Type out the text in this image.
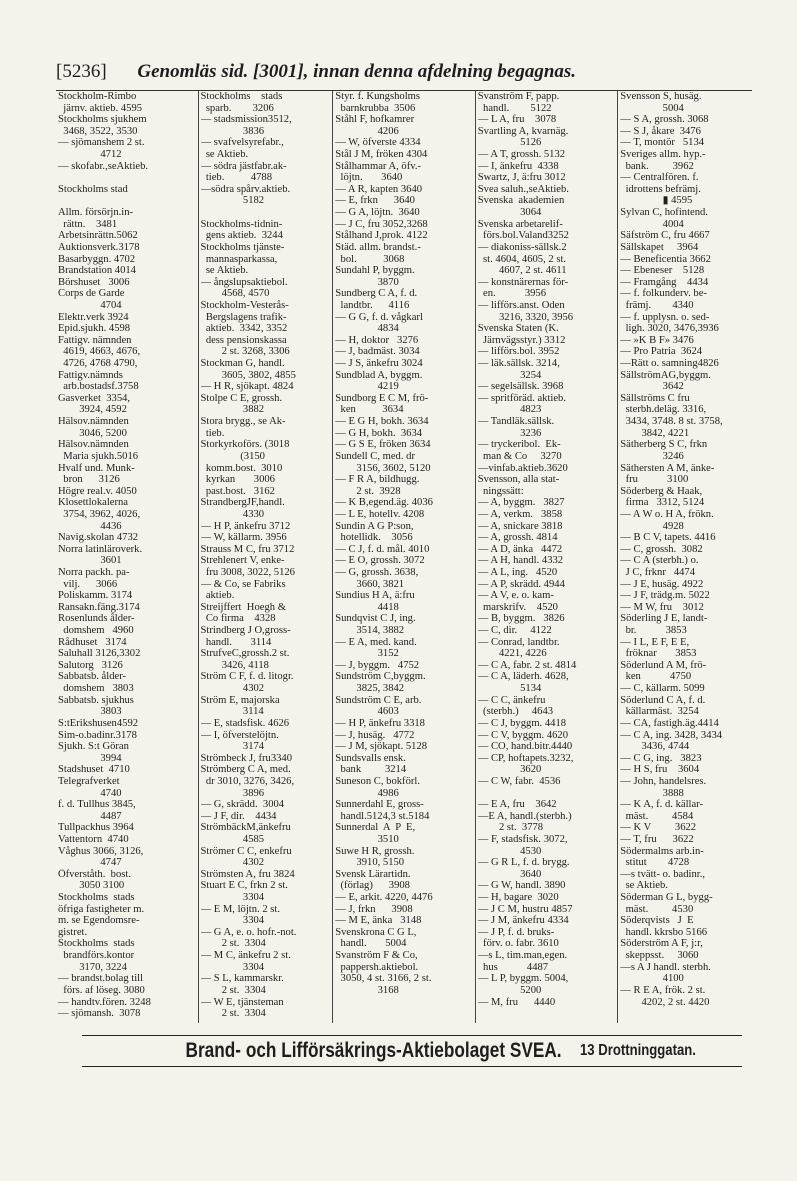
[5236] Genomläs sid. [3001], innan denna afdelning begagnas.
Stockholm-Rimbo
järnv. aktieb. 4595
Stockholms sjukhem
3468, 3522, 3530
— sjömanshem 2 st.
4712
— skofabr.,seAktieb.
Stockholms stad
Allm. försörjn.in-
rättn.    3481
Arbetsinrättn.5062
Auktionsverk.3178
Basarbyggn. 4702
Brandstation 4014
Börshuset   3006
Corps de Garde
4704
Elektr.verk 3924
Epid.sjukh. 4598
Fattigv. nämnden
4619, 4663, 4676,
4726, 4768 4790,
Fattigv.nämnds
arb.bostadsf.3758
Gasverket  3354,
3924, 4592
Hälsov.nämnden
3046, 5200
Hälsov.nämnden
Maria sjukh.5016
Hvalf und. Munk-
bron      3126
Högre real.v. 4050
Klosettlokalerna
3754, 3962, 4026,
4436
Navig.skolan 4732
Norra latinläroverk.
3601
Norra packh. pa-
vilj.      3066
Poliskamm. 3174
Ransakn.fäng.3174
Rosenlunds ålder-
domshem   4960
Rådhuset   3174
Saluhall 3126,3302
Salutorg   3126
Sabbatsb. ålder-
domshem   3803
Sabbatsb. sjukhus
3803
S:tErikshusen4592
Sim-o.badinr.3178
Sjukh. S:t Göran
3994
Stadshuset  4710
Telegrafverket
4740
f. d. Tullhus 3845,
4487
Tullpackhus 3964
Vattentorn  4740
Våghus 3066, 3126,
4747
Öfverståth.  bost.
3050 3100
Stockholms  stads
öfriga fastigheter m.
m. se Egendomsre-
gistret.
Stockholms  stads
brandförs.kontor
3170, 3224
— brandst.bolag till
förs. af löseg. 3080
— handtv.fören. 3248
— sjömansh.  3078
Stockholms    stads
sparb.        3206
— stadsmission3512,
3836
— svafvelsyrefabr.,
se Aktieb.
— södra jästfabr.ak-
tieb.          4788
—södra spårv.aktieb.
5182
Stockholms-tidnin-
gens aktieb.  3244
Stockholms tjänste-
mannasparkassa,
se Aktieb.
— ångslupsaktiebol.
4568, 4570
Stockholm-Vesterås-
Bergslagens trafik-
aktieb.  3342, 3352
dess pensionskassa
2 st. 3268, 3306
Stockman G, handl.
3605, 3802, 4855
— H R, sjökapt. 4824
Stolpe C E, grossh.
3882
Stora brygg., se Ak-
tieb.
Storkyrkoförs. (3018
(3150
komm.bost.  3010
kyrkan       3006
past.bost.   3162
StrandbergJF,handl.
4330
— H P, änkefru 3712
— W, källarm. 3956
Strauss M C, fru 3712
Strehlenert V, enke-
fru 3008, 3022, 5126
— & Co, se Fabriks
aktieb.
Streijffert  Hoegh &
Co firma    4328
Strindberg J O,gross-
handl.       3114
StrufveC,grossh.2 st.
3426, 4118
Ström C F, f. d. litogr.
4302
Ström E, majorska
3114
— E, stadsfisk. 4626
— I, öfverstelöjtn.
3174
Strömbeck J, fru3340
Strömberg C A, med.
dr 3010, 3276, 3426,
3896
— G, skrädd.  3004
— J F, dir.    4434
StrömbäckM,änkefru
4585
Strömer C C, enkefru
4302
Strömsten A, fru 3824
Stuart E C, frkn 2 st.
3304
— E M, löjtn. 2 st.
3304
— G A, e. o. hofr.-not.
2 st.  3304
— M C, änkefru 2 st.
3304
— S L, kammarskr.
2 st.  3304
— W E, tjänsteman
2 st.  3304
Styr. f. Kungsholms
barnkrubba  3506
Ståhl F, hofkamrer
4206
— W, öfverste 4334
Stål J M, fröken 4304
Stålhammar A, öfv.-
löjtn.       3640
— A R, kapten 3640
— E, frkn      3640
— G A, löjtn.  3640
— J C, fru 3052,3268
Stålhand J,prok. 4122
Städ. allm. brandst.-
bol.          3068
Sundahl P, byggm.
3870
Sundberg C A, f. d.
landtbr.      4116
— G G, f. d. vågkarl
4834
— H, doktor   3276
— J, badmäst. 3034
— J S, änkefru 3024
Sundblad A, byggm.
4219
Sundborg E C M, frö-
ken          3634
— E G H, bokh. 3634
— G H, bokh.  3634
— G S E, fröken 3634
Sundell C, med. dr
3156, 3602, 5120
— F R A, bildhugg.
2 st.  3928
— K B,egend.äg. 4036
— L E, hotellv. 4208
Sundin A G P:son,
hotellidk.    3056
— C J, f. d. mål. 4010
— E O, grossh. 3072
— G, grossh. 3638,
3660, 3821
Sundius H A, ä:fru
4418
Sundqvist C J, ing.
3514, 3882
— E A, med. kand.
3152
— J, byggm.   4752
Sundström C,byggm.
3825, 3842
Sundström C E, arb.
4603
— H P, änkefru 3318
— J, husäg.   4772
— J M, sjökapt. 5128
Sundsvalls ensk.
bank         3214
Suneson C, bokförl.
4986
Sunnerdahl E, gross-
handl.5124,3 st.5184
Sunnerdal  A  P  E,
3510
Suwe H R, grossh.
3910, 5150
Svensk Lärartidn.
(förlag)      3908
— E, arkit. 4220, 4476
— J, frkn      3908
— M E, änka   3148
Svenskrona C G L,
handl.       5004
Svanström F & Co,
pappersh.aktiebol.
3050, 4 st. 3166, 2 st.
3168
Svanström F, papp.
handl.        5122
— L A, fru    3078
Svartling A, kvarnäg.
5126
— A T, grossh. 5132
— I, änkefru  4338
Swartz, J, ä:fru 3012
Svea saluh.,seAktieb.
Svenska  akademien
3064
Svenska arbetarelif-
förs.bol.Valand3252
— diakoniss-sällsk.2
st. 4604, 4605, 2 st.
4607, 2 st. 4611
— konstnärernas för-
en.           3956
— lifförs.anst. Oden
3216, 3320, 3956
Svenska Staten (K.
Järnvägsstyr.) 3312
— lifförs.bol. 3952
— läk.sällsk. 3214,
3254
— segelsällsk. 3968
— spritföräd. aktieb.
4823
— Tandläk.sällsk.
3236
— tryckeribol.  Ek-
man & Co     3270
—vinfab.aktieb.3620
Svensson, alla stat-
ningssätt:
— A, byggm.   3827
— A, verkm.   3858
— A, snickare 3818
— A, grossh. 4814
— A D, änka   4472
— A H, handl. 4332
— A L, ing.   4520
— A P, skrädd. 4944
— A V, e. o. kam-
marskrifv.    4520
— B, byggm.   3826
— C, dir.     4122
— Conrad, landtbr.
4221, 4226
— C A, fabr. 2 st. 4814
— C A, läderh. 4628,
5134
— C C, änkefru
(sterbh.)     4643
— C J, byggm. 4418
— C V, byggm. 4620
— CO, hand.bitr.4440
— CP, hoftapets.3232,
3620
— C W, fabr.  4536
— E A, fru    3642
—E A, handl.(sterbh.)
2 st.  3778
— F, stadsfisk. 3072,
4530
— G R L, f. d. brygg.
3640
— G W, handl. 3890
— H, bagare  3020
— J C M, hustru 4857
— J M, änkefru 4334
— J P, f. d. bruks-
förv. o. fabr. 3610
—s L, tim.man,egen.
hus           4487
— L P, byggm. 5004,
5200
— M, fru      4440
Svensson S, husäg.
5004
— S A, grossh. 3068
— S J, åkare  3476
— T, montör   5134
Sveriges allm. hyp.-
bank.         3962
— Centralfören. f.
idrottens befrämj.
▮ 4595
Sylvan C, hofintend.
4004
Säfström C, fru 4667
Sällskapet     3964
— Beneficentia 3662
— Ebeneser    5128
— Framgång    4434
— f. folkunderv. be-
främj.        4340
— f. upplysn. o. sed-
ligh. 3020, 3476,3936
— »K B F» 3476
— Pro Patria  3624
—Rätt o. samning4826
SällströmAG,byggm.
3642
Sällströms C fru
sterbh.deläg. 3316,
3434, 3748. 8 st. 3758,
3842, 4221
Sätherberg S C, frkn
3246
Säthersten A M, änke-
fru           3100
Söderberg & Haak,
firma   3312, 5124
— A W o. H A, frökn.
4928
— B C V, tapets. 4416
— C, grossh.  3082
— C A (sterbh.) o.
J C, frknr   4474
— J E, husäg. 4922
— J F, trädg.m. 5022
— M W, fru    3012
Söderling J E, landt-
br.           3853
— I L, E F, E E,
fröknar       3853
Söderlund A M, frö-
ken           4750
— C, källarm. 5099
Söderlund C A, f. d.
källarmäst.  3254
— CA, fastigh.äg.4414
— C A, ing. 3428, 3434
3436, 4744
— C G, ing.   3823
— H S, fru    3604
— John, handelsres.
3888
— K A, f. d. källar-
mäst.         4584
— K V         3622
— T, fru      3622
Södermalms arb.in-
stitut        4728
—s tvätt- o. badinr.,
se Aktieb.
Söderman G L, bygg-
mäst.         4530
Söderqvists   J  E
handl. kkrsbo 5166
Söderström A F, j:r,
skeppsst.     3060
—s A J handl. sterbh.
4100
— R E A, frök. 2 st.
4202, 2 st. 4420
Brand- och Lifförsäkrings-Aktiebolaget SVEA. 13 Drottninggatan.
